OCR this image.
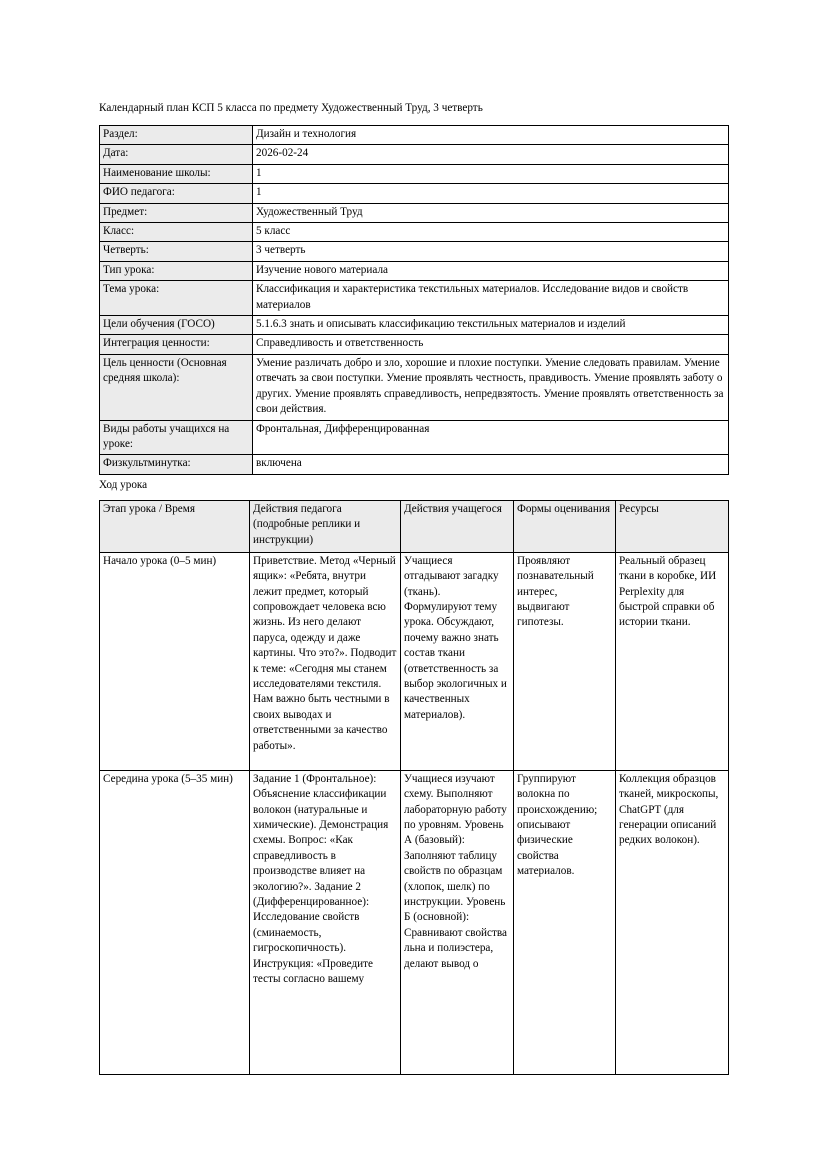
Календарный план КСП 5 класса по предмету Художественный Труд, 3 четверть
Раздел:	Дизайн и технология
Дата:	2026-02-24
Наименование школы:	1
ФИО педагога:	1
Предмет:	Художественный Труд
Класс:	5 класс
Четверть:	3 четверть
Тип урока:	Изучение нового материала
Тема урока:	Классификация и характеристика текстильных материалов. Исследование видов и свойств материалов
Цели обучения (ГОСО)	5.1.6.3 знать и описывать классификацию текстильных материалов и изделий
Интеграция ценности:	Справедливость и ответственность
Цель ценности (Основная средняя школа):	Умение различать добро и зло, хорошие и плохие поступки. Умение следовать правилам. Умение отвечать за свои поступки. Умение проявлять честность, правдивость. Умение проявлять заботу о других. Умение проявлять справедливость, непредвзятость. Умение проявлять ответственность за свои действия.
Виды работы учащихся на уроке:	Фронтальная, Дифференцированная
Физкультминутка:	включена
Ход урока
Этап урока / Время	Действия педагога (подробные реплики и инструкции)	Действия учащегося	Формы оценивания	Ресурсы
Начало урока (0–5 мин)	Приветствие. Метод «Черный ящик»: «Ребята, внутри лежит предмет, который сопровождает человека всю жизнь. Из него делают паруса, одежду и даже картины. Что это?». Подводит к теме: «Сегодня мы станем исследователями текстиля. Нам важно быть честными в своих выводах и ответственными за качество работы».	Учащиеся отгадывают загадку (ткань). Формулируют тему урока. Обсуждают, почему важно знать состав ткани (ответственность за выбор экологичных и качественных материалов).	Проявляют познавательный интерес, выдвигают гипотезы.	Реальный образец ткани в коробке, ИИ Perplexity для быстрой справки об истории ткани.
Середина урока (5–35 мин)	Задание 1 (Фронтальное): Объяснение классификации волокон (натуральные и химические). Демонстрация схемы. Вопрос: «Как справедливость в производстве влияет на экологию?». Задание 2 (Дифференцированное): Исследование свойств (сминаемость, гигроскопичность). Инструкция: «Проведите тесты согласно вашему	Учащиеся изучают схему. Выполняют лабораторную работу по уровням. Уровень А (базовый): Заполняют таблицу свойств по образцам (хлопок, шелк) по инструкции. Уровень Б (основной): Сравнивают свойства льна и полиэстера, делают вывод о	Группируют волокна по происхождению; описывают физические свойства материалов.	Коллекция образцов тканей, микроскопы, ChatGPT (для генерации описаний редких волокон).
